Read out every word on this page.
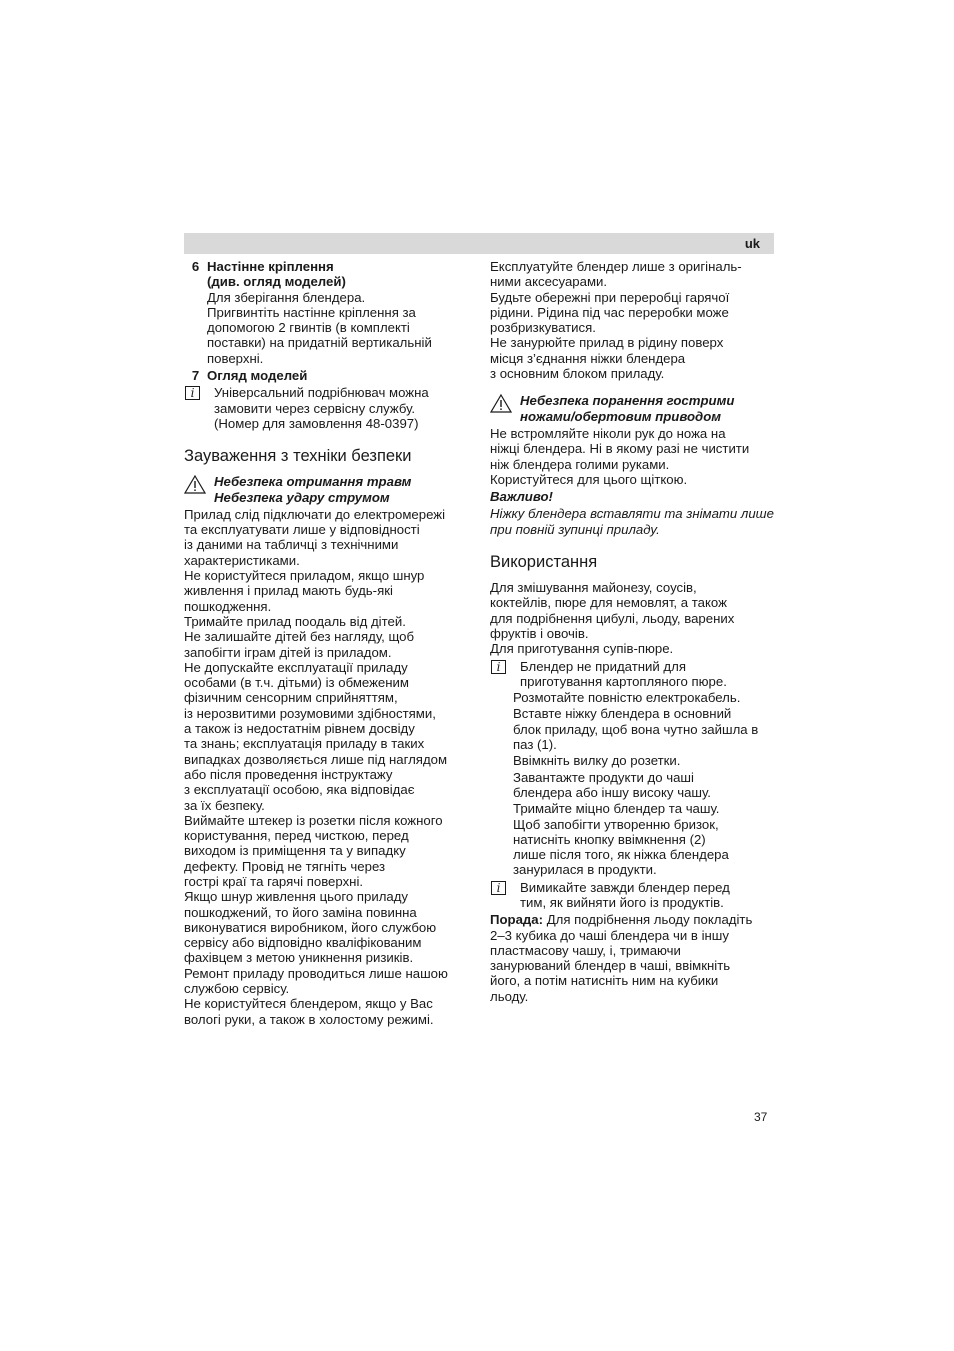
uk
6 Настінне кріплення
(див. огляд моделей)
Для зберігання блендера.
Пригвинтіть настінне кріплення за
допомогою 2 гвинтів (в комплекті
поставки) на придатній вертикальній
поверхні.
7 Огляд моделей
i	Універсальний подрібнювач можна
замовити через сервісну службу.
(Номер для замовлення 48-0397)
Зауваження з техніки безпеки
Небезпека отримання травм
Небезпека удару струмом
Прилад слід підключати до електромережі
та експлуатувати лише у відповідності
із даними на табличці з технічними
характеристиками.
Не користуйтеся приладом, якщо шнур
живлення і прилад мають будь-які
пошкодження.
Тримайте прилад поодаль від дітей.
Не залишайте дітей без нагляду, щоб
запобігти іграм дітей із приладом.
Не допускайте експлуатації приладу
особами (в т.ч. дітьми) із обмеженим
фізичним сенсорним сприйняттям,
із нерозвитими розумовими здібностями,
а також із недостатнім рівнем досвіду
та знань; експлуатація приладу в таких
випадках дозволяється лише під наглядом
або після проведення інструктажу
з експлуатації особою, яка відповідає
за їх безпеку.
Виймайте штекер із розетки після кожного
користування, перед чисткою, перед
виходом із приміщення та у випадку
дефекту. Провід не тягніть через
гострі краї та гарячі поверхні.
Якщо шнур живлення цього приладу
пошкоджений, то його заміна повинна
виконуватися виробником, його службою
сервісу або відповідно кваліфікованим
фахівцем з метою уникнення ризиків.
Ремонт приладу проводиться лише нашою
службою сервісу.
Не користуйтеся блендером, якщо у Вас
вологі руки, а також в холостому режимі.
Експлуатуйте блендер лише з оригіналь-
ними аксесуарами.
Будьте обережні при переробці гарячої
рідини. Рідина під час переробки може
розбризкуватися.
Не занурюйте прилад в рідину поверх
місця з’єднання ніжки блендера
з основним блоком приладу.
Небезпека поранення гострими
ножами/обертовим приводом
Не встромляйте ніколи рук до ножа на
ніжці блендера. Ні в якому разі не чистити
ніж блендера голими руками.
Користуйтеся для цього щіткою.
Важливо!
Ніжку блендера вставляти та знімати лише
при повній зупинці приладу.
Використання
Для змішування майонезу, соусів,
коктейлів, пюре для немовлят, а також
для подрібнення цибулі, льоду, варених
фруктів і овочів.
Для приготування супів-пюре.
i	Блендер не придатний для
приготування картопляного пюре.

Розмотайте повністю електрокабель.

Вставте ніжку блендера в основний
блок приладу, щоб вона чутно зайшла в
паз (1).

Ввімкніть вилку до розетки.

Завантажте продукти до чаші
блендера або іншу високу чашу.

Тримайте міцно блендер та чашу.
Щоб запобігти утворенню бризок,
натисніть кнопку ввімкнення (2)
лише після того, як ніжка блендера
занурилася в продукти.

i	Вимикайте завжди блендер перед
тим, як вийняти його із продуктів.
Порада: Для подрібнення льоду покладіть
2–3 кубика до чаші блендера чи в іншу
пластмасову чашу, і, тримаючи
занурюваний блендер в чаші, ввімкніть
його, а потім натисніть ним на кубики
льоду.
37
